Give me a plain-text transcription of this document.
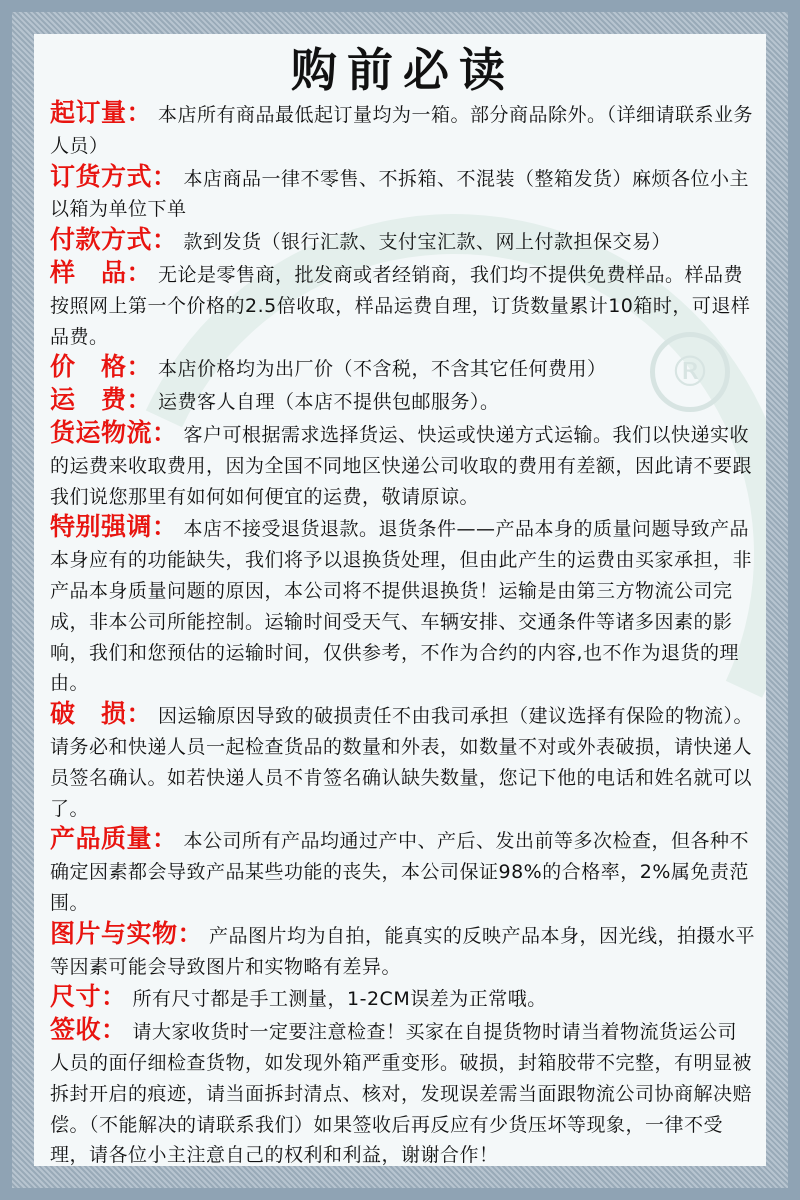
®
购前必读

起订量： 本店所有商品最低起订量均为一箱。部分商品除外。（详细请联系业务人员）

订货方式： 本店商品一律不零售、不拆箱、不混装（整箱发货）麻烦各位小主以箱为单位下单

付款方式： 款到发货（银行汇款、支付宝汇款、网上付款担保交易）

样　品： 无论是零售商，批发商或者经销商，我们均不提供免费样品。样品费按照网上第一个价格的2.5倍收取，样品运费自理，订货数量累计10箱时，可退样品费。

价　格： 本店价格均为出厂价（不含税，不含其它任何费用）

运　费： 运费客人自理（本店不提供包邮服务）。

货运物流： 客户可根据需求选择货运、快运或快递方式运输。我们以快递实收的运费来收取费用，因为全国不同地区快递公司收取的费用有差额，因此请不要跟我们说您那里有如何如何便宜的运费，敬请原谅。

特别强调： 本店不接受退货退款。退货条件——产品本身的质量问题导致产品本身应有的功能缺失，我们将予以退换货处理，但由此产生的运费由买家承担，非产品本身质量问题的原因，本公司将不提供退换货！运输是由第三方物流公司完成，非本公司所能控制。运输时间受天气、车辆安排、交通条件等诸多因素的影响，我们和您预估的运输时间，仅供参考，不作为合约的内容,也不作为退货的理由。

破　损： 因运输原因导致的破损责任不由我司承担（建议选择有保险的物流）。请务必和快递人员一起检查货品的数量和外表，如数量不对或外表破损，请快递人员签名确认。如若快递人员不肯签名确认缺失数量，您记下他的电话和姓名就可以了。

产品质量： 本公司所有产品均通过产中、产后、发出前等多次检查，但各种不确定因素都会导致产品某些功能的丧失，本公司保证98%的合格率，2%属免责范围。

图片与实物： 产品图片均为自拍，能真实的反映产品本身，因光线，拍摄水平等因素可能会导致图片和实物略有差异。

尺寸： 所有尺寸都是手工测量，1-2CM误差为正常哦。

签收： 请大家收货时一定要注意检查！买家在自提货物时请当着物流货运公司人员的面仔细检查货物，如发现外箱严重变形。破损，封箱胶带不完整，有明显被拆封开启的痕迹，请当面拆封清点、核对，发现误差需当面跟物流公司协商解决赔偿。（不能解决的请联系我们）如果签收后再反应有少货压坏等现象，一律不受理，请各位小主注意自己的权利和利益，谢谢合作！
